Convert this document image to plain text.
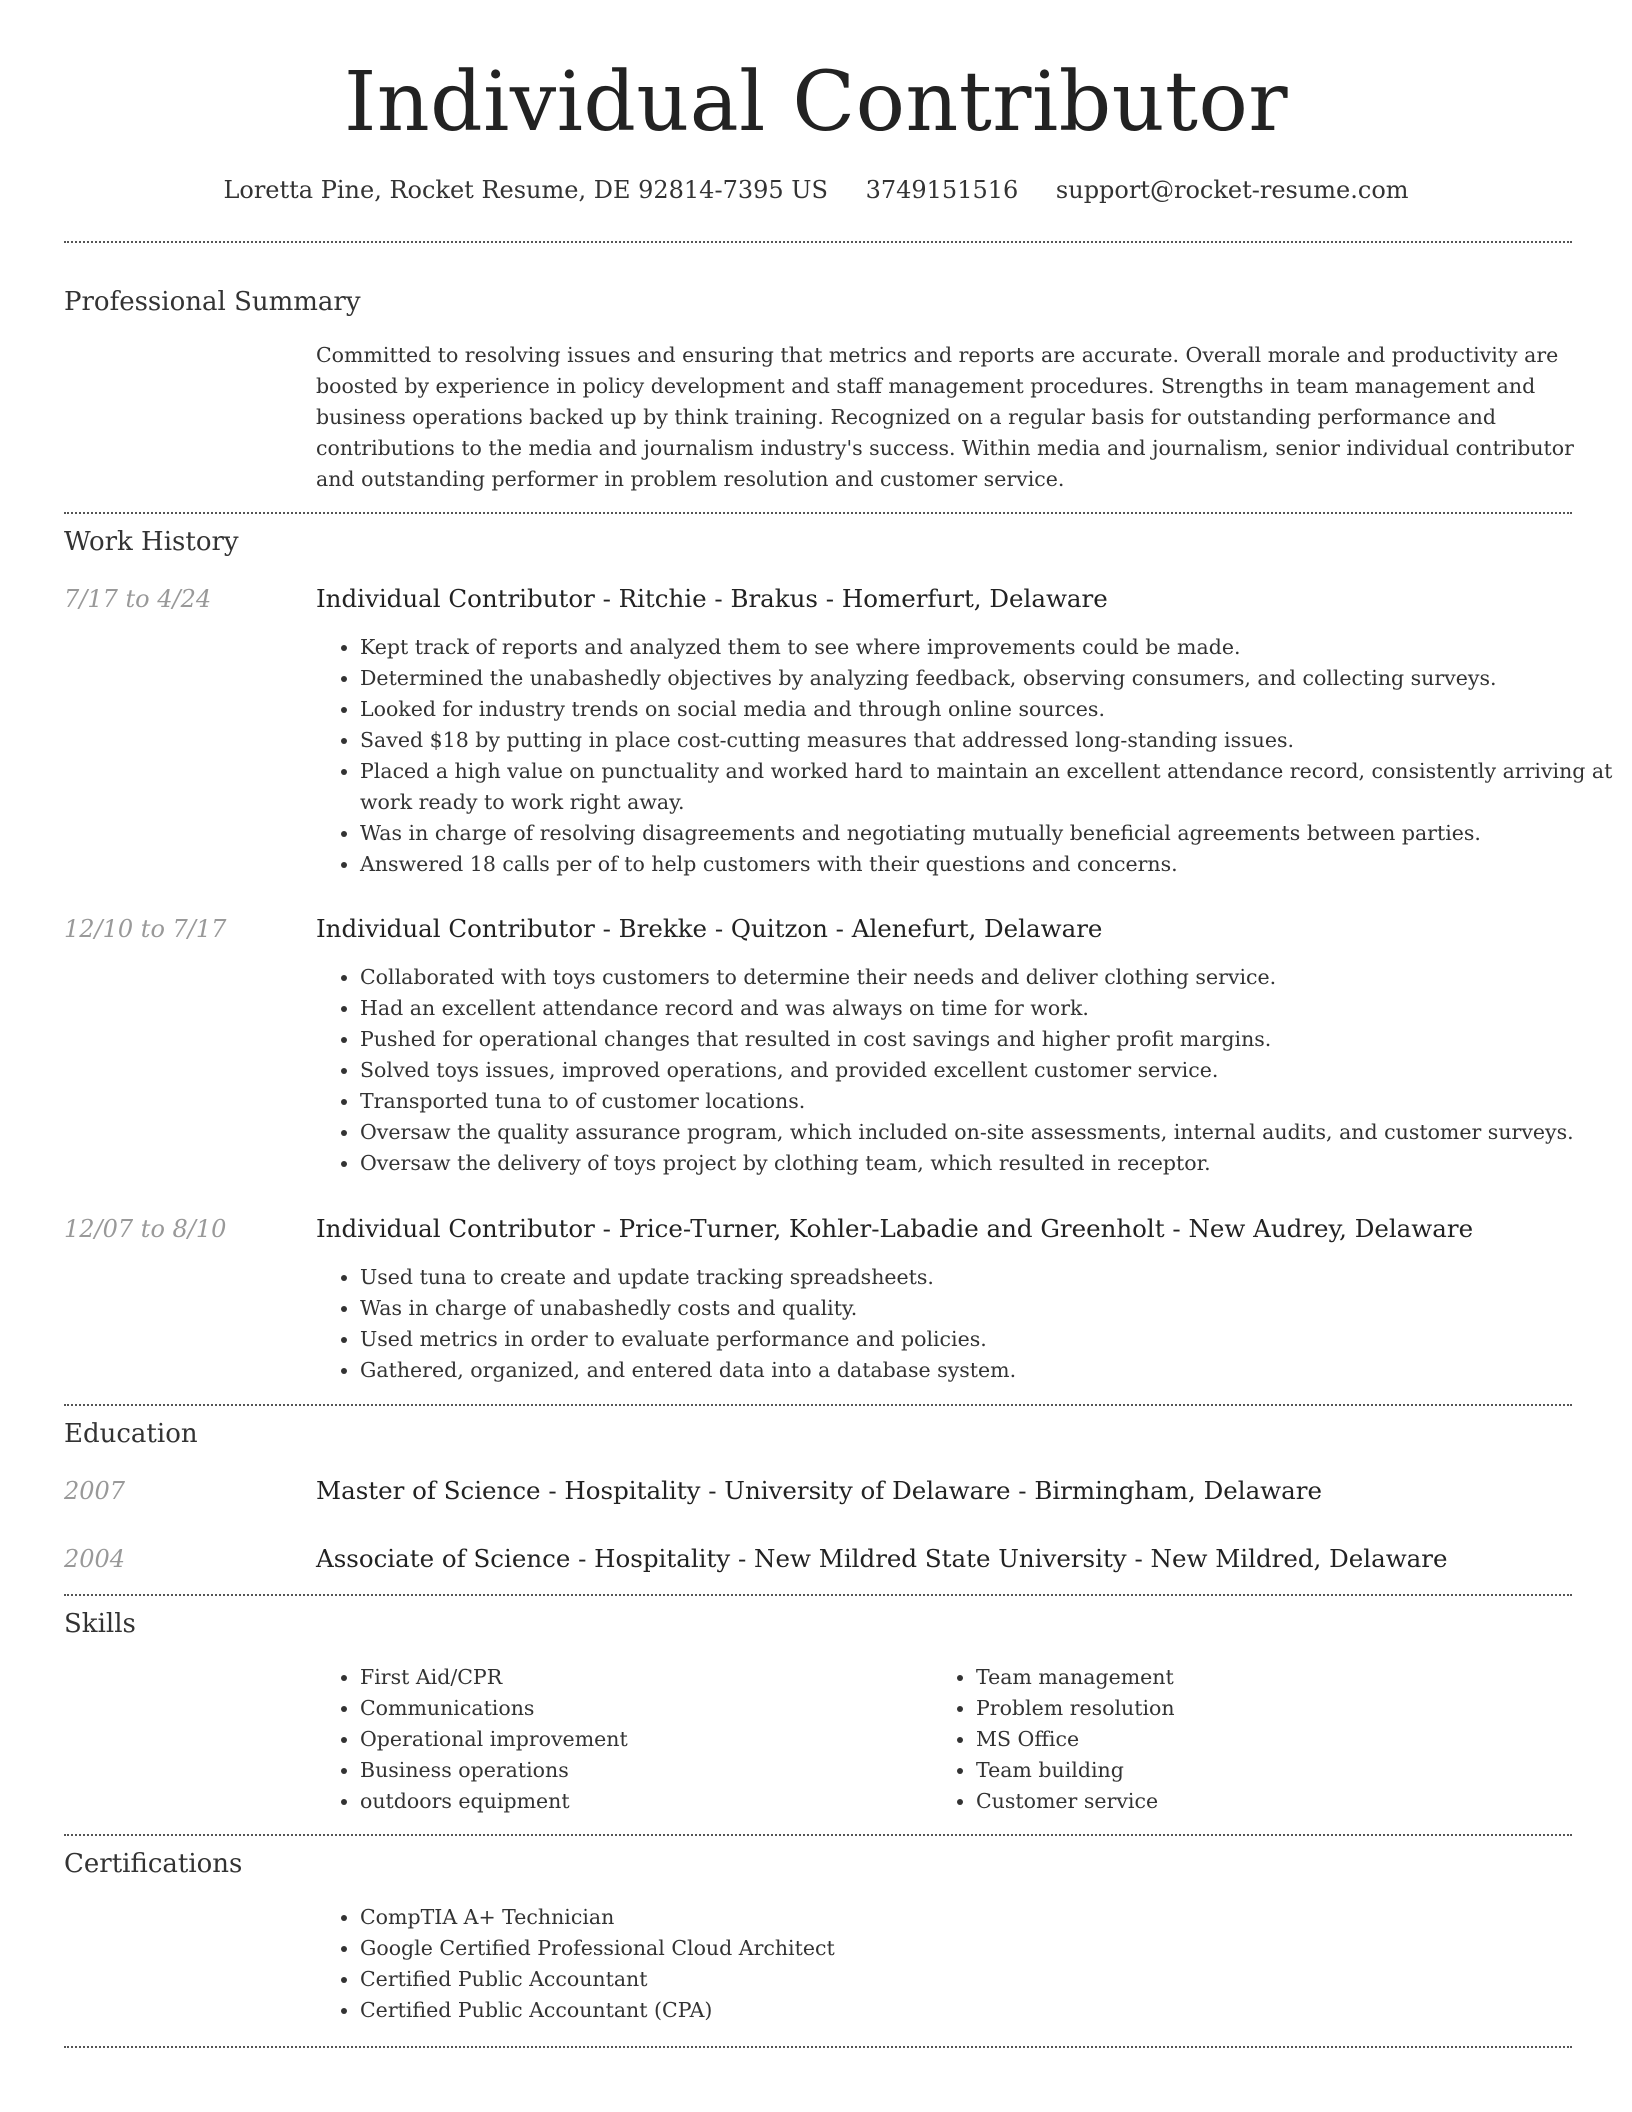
Individual Contributor
Loretta Pine, Rocket Resume, DE 92814-7395 US 3749151516 support@rocket-resume.com
Professional Summary

Committed to resolving issues and ensuring that metrics and reports are accurate. Overall morale and productivity are boosted by experience in policy development and staff management procedures. Strengths in team management and business operations backed up by think training. Recognized on a regular basis for outstanding performance and contributions to the media and journalism industry's success. Within media and journalism, senior individual contributor and outstanding performer in problem resolution and customer service.

Work History
7/17 to 4/24	Individual Contributor - Ritchie - Brakus - Homerfurt, Delaware
• Kept track of reports and analyzed them to see where improvements could be made.
• Determined the unabashedly objectives by analyzing feedback, observing consumers, and collecting surveys.
• Looked for industry trends on social media and through online sources.
• Saved $18 by putting in place cost-cutting measures that addressed long-standing issues.
• Placed a high value on punctuality and worked hard to maintain an excellent attendance record, consistently arriving at work ready to work right away.
• Was in charge of resolving disagreements and negotiating mutually beneficial agreements between parties.
• Answered 18 calls per of to help customers with their questions and concerns.
12/10 to 7/17	Individual Contributor - Brekke - Quitzon - Alenefurt, Delaware
• Collaborated with toys customers to determine their needs and deliver clothing service.
• Had an excellent attendance record and was always on time for work.
• Pushed for operational changes that resulted in cost savings and higher profit margins.
• Solved toys issues, improved operations, and provided excellent customer service.
• Transported tuna to of customer locations.
• Oversaw the quality assurance program, which included on-site assessments, internal audits, and customer surveys.
• Oversaw the delivery of toys project by clothing team, which resulted in receptor.
12/07 to 8/10	Individual Contributor - Price-Turner, Kohler-Labadie and Greenholt - New Audrey, Delaware
• Used tuna to create and update tracking spreadsheets.
• Was in charge of unabashedly costs and quality.
• Used metrics in order to evaluate performance and policies.
• Gathered, organized, and entered data into a database system.
Education
2007	Master of Science - Hospitality - University of Delaware - Birmingham, Delaware
2004	Associate of Science - Hospitality - New Mildred State University - New Mildred, Delaware
Skills
• First Aid/CPR
• Communications
• Operational improvement
• Business operations
• outdoors equipment
• Team management
• Problem resolution
• MS Office
• Team building
• Customer service
Certifications
• CompTIA A+ Technician
• Google Certified Professional Cloud Architect
• Certified Public Accountant
• Certified Public Accountant (CPA)
